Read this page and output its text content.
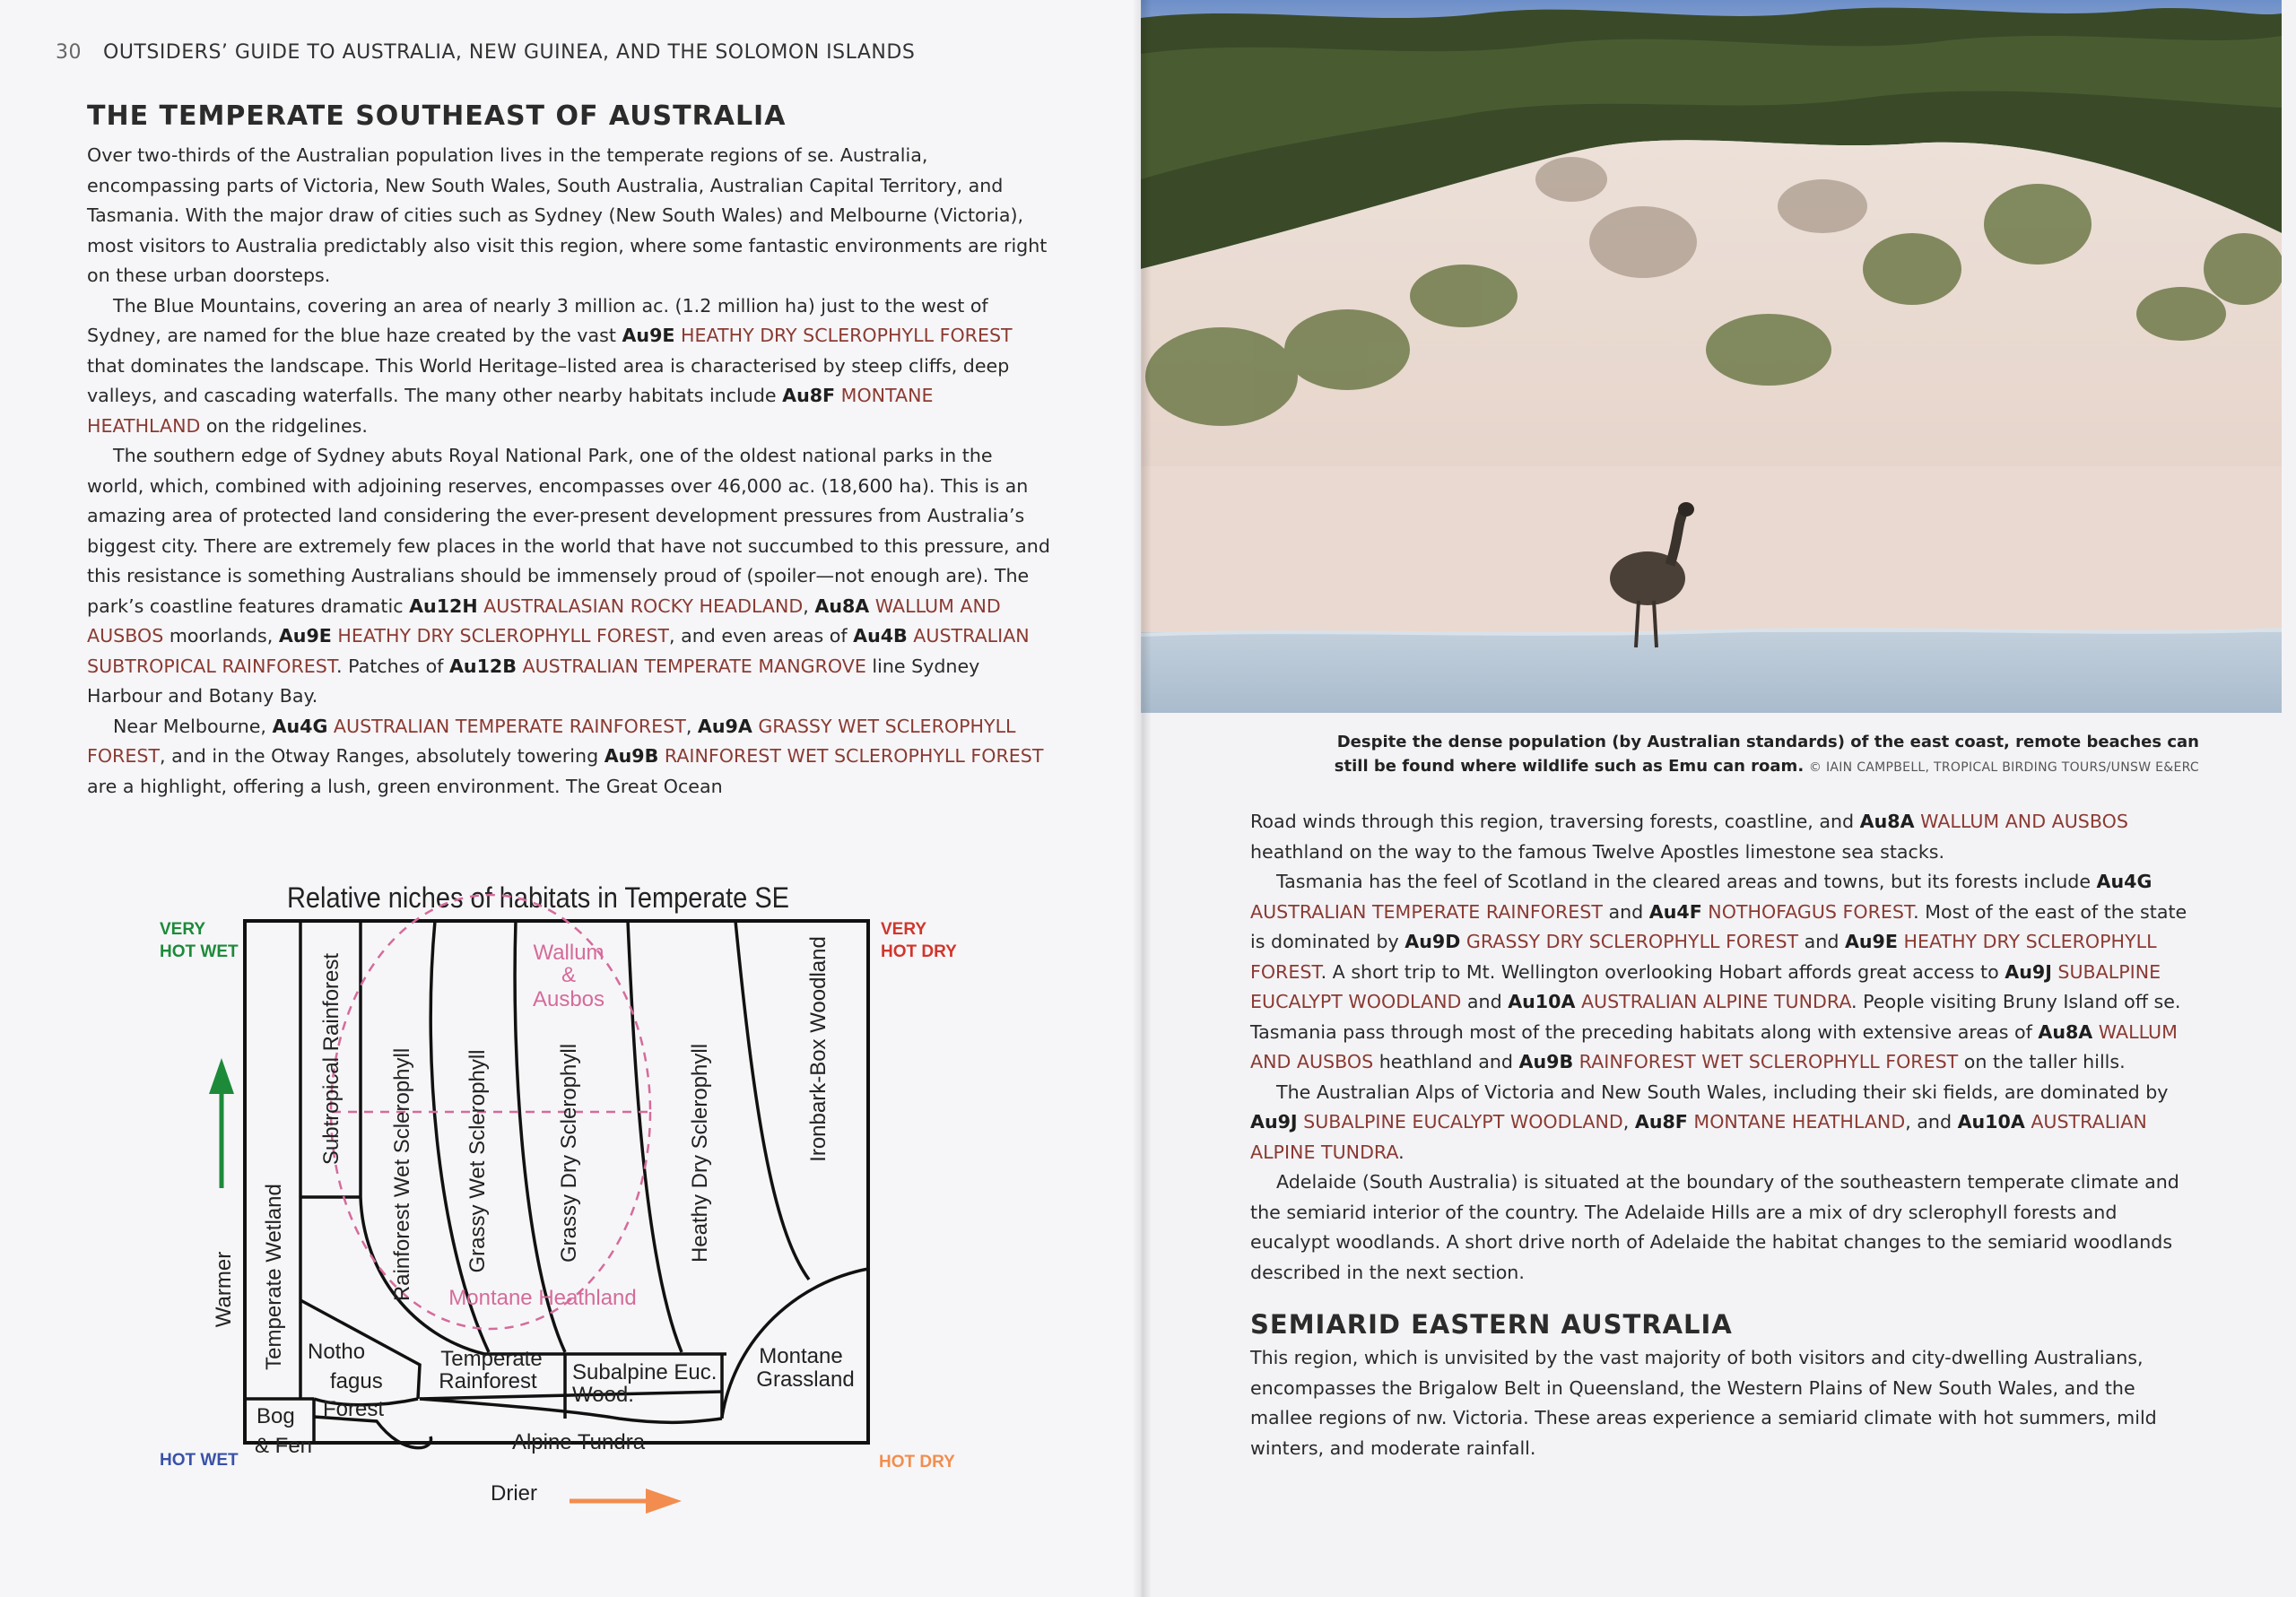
30 OUTSIDERS’ GUIDE TO AUSTRALIA, NEW GUINEA, AND THE SOLOMON ISLANDS
THE TEMPERATE SOUTHEAST OF AUSTRALIA

Over two-thirds of the Australian population lives in the temperate regions of se. Australia, encompassing parts of Victoria, New South Wales, South Australia, Australian Capital Territory, and Tasmania. With the major draw of cities such as Sydney (New South Wales) and Melbourne (Victoria), most visitors to Australia predictably also visit this region, where some fantastic environments are right on these urban doorsteps.

The Blue Mountains, covering an area of nearly 3 million ac. (1.2 million ha) just to the west of Sydney, are named for the blue haze created by the vast Au9E HEATHY DRY SCLEROPHYLL FOREST that dominates the landscape. This World Heritage–listed area is characterised by steep cliffs, deep valleys, and cascading waterfalls. The many other nearby habitats include Au8F MONTANE HEATHLAND on the ridgelines.

The southern edge of Sydney abuts Royal National Park, one of the oldest national parks in the world, which, combined with adjoining reserves, encompasses over 46,000 ac. (18,600 ha). This is an amazing area of protected land considering the ever-present development pressures from Australia’s biggest city. There are extremely few places in the world that have not succumbed to this pressure, and this resistance is something Australians should be immensely proud of (spoiler—not enough are). The park’s coastline features dramatic Au12H AUSTRALASIAN ROCKY HEADLAND, Au8A WALLUM AND AUSBOS moorlands, Au9E HEATHY DRY SCLEROPHYLL FOREST, and even areas of Au4B AUSTRALIAN SUBTROPICAL RAINFOREST. Patches of Au12B AUSTRALIAN TEMPERATE MANGROVE line Sydney Harbour and Botany Bay.

Near Melbourne, Au4G AUSTRALIAN TEMPERATE RAINFOREST, Au9A GRASSY WET SCLEROPHYLL FOREST, and in the Otway Ranges, absolutely towering Au9B RAINFOREST WET SCLEROPHYLL FOREST are a highlight, offering a lush, green environment. The Great Ocean

Relative niches of habitats in Temperate SE
VERY
HOT WET
VERY
HOT DRY
HOT WET	HOT DRY
Warmer
Drier
Temperate Wetland
Subtropical Rainforest Rainforest Wet Sclerophyll Grassy Wet Sclerophyll	Grassy Dry Sclerophyll	Heathy Dry Sclerophyll	Ironbark-Box Woodland
Wallum
&
Ausbos
Montane Heathland
Notho
fagus
Forest
Temperate
Rainforest Subalpine Euc.
Wood.
Montane
Grassland
Bog
& Fen	Alpine Tundra
Despite the dense population (by Australian standards) of the east coast, remote beaches can still be found where wildlife such as Emu can roam. © IAIN CAMPBELL, TROPICAL BIRDING TOURS/UNSW E&ERC

Road winds through this region, traversing forests, coastline, and Au8A WALLUM AND AUSBOS heathland on the way to the famous Twelve Apostles limestone sea stacks.

Tasmania has the feel of Scotland in the cleared areas and towns, but its forests include Au4G AUSTRALIAN TEMPERATE RAINFOREST and Au4F NOTHOFAGUS FOREST. Most of the east of the state is dominated by Au9D GRASSY DRY SCLEROPHYLL FOREST and Au9E HEATHY DRY SCLEROPHYLL FOREST. A short trip to Mt. Wellington overlooking Hobart affords great access to Au9J SUBALPINE EUCALYPT WOODLAND and Au10A AUSTRALIAN ALPINE TUNDRA. People visiting Bruny Island off se. Tasmania pass through most of the preceding habitats along with extensive areas of Au8A WALLUM AND AUSBOS heathland and Au9B RAINFOREST WET SCLEROPHYLL FOREST on the taller hills.

The Australian Alps of Victoria and New South Wales, including their ski fields, are dominated by Au9J SUBALPINE EUCALYPT WOODLAND, Au8F MONTANE HEATHLAND, and Au10A AUSTRALIAN ALPINE TUNDRA.

Adelaide (South Australia) is situated at the boundary of the southeastern temperate climate and the semiarid interior of the country. The Adelaide Hills are a mix of dry sclerophyll forests and eucalypt woodlands. A short drive north of Adelaide the habitat changes to the semiarid woodlands described in the next section.

SEMIARID EASTERN AUSTRALIA

This region, which is unvisited by the vast majority of both visitors and city-dwelling Australians, encompasses the Brigalow Belt in Queensland, the Western Plains of New South Wales, and the mallee regions of nw. Victoria. These areas experience a semiarid climate with hot summers, mild winters, and moderate rainfall.
